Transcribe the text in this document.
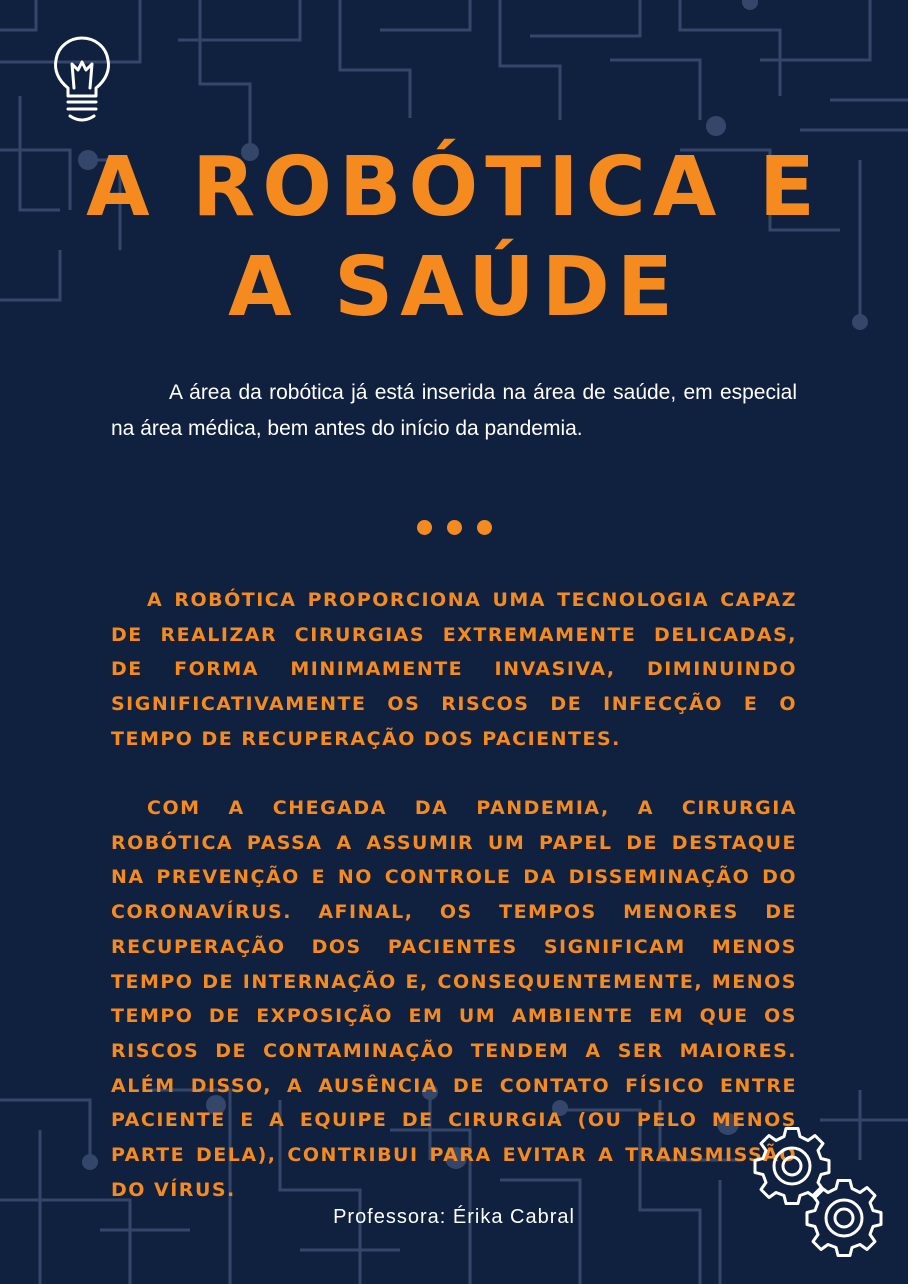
A ROBÓTICA E
A SAÚDE

A área da robótica já está inserida na área de saúde, em especial na área médica, bem antes do início da pandemia.

A ROBÓTICA PROPORCIONA UMA TECNOLOGIA CAPAZ DE REALIZAR CIRURGIAS EXTREMAMENTE DELICADAS, DE FORMA MINIMAMENTE INVASIVA, DIMINUINDO SIGNIFICATIVAMENTE OS RISCOS DE INFECÇÃO E O TEMPO DE RECUPERAÇÃO DOS PACIENTES.

COM A CHEGADA DA PANDEMIA, A CIRURGIA ROBÓTICA PASSA A ASSUMIR UM PAPEL DE DESTAQUE NA PREVENÇÃO E NO CONTROLE DA DISSEMINAÇÃO DO CORONAVÍRUS. AFINAL, OS TEMPOS MENORES DE RECUPERAÇÃO DOS PACIENTES SIGNIFICAM MENOS TEMPO DE INTERNAÇÃO E, CONSEQUENTEMENTE, MENOS TEMPO DE EXPOSIÇÃO EM UM AMBIENTE EM QUE OS RISCOS DE CONTAMINAÇÃO TENDEM A SER MAIORES. ALÉM DISSO, A AUSÊNCIA DE CONTATO FÍSICO ENTRE PACIENTE E A EQUIPE DE CIRURGIA (OU PELO MENOS PARTE DELA), CONTRIBUI PARA EVITAR A TRANSMISSÃO DO VÍRUS.

Professora: Érika Cabral
